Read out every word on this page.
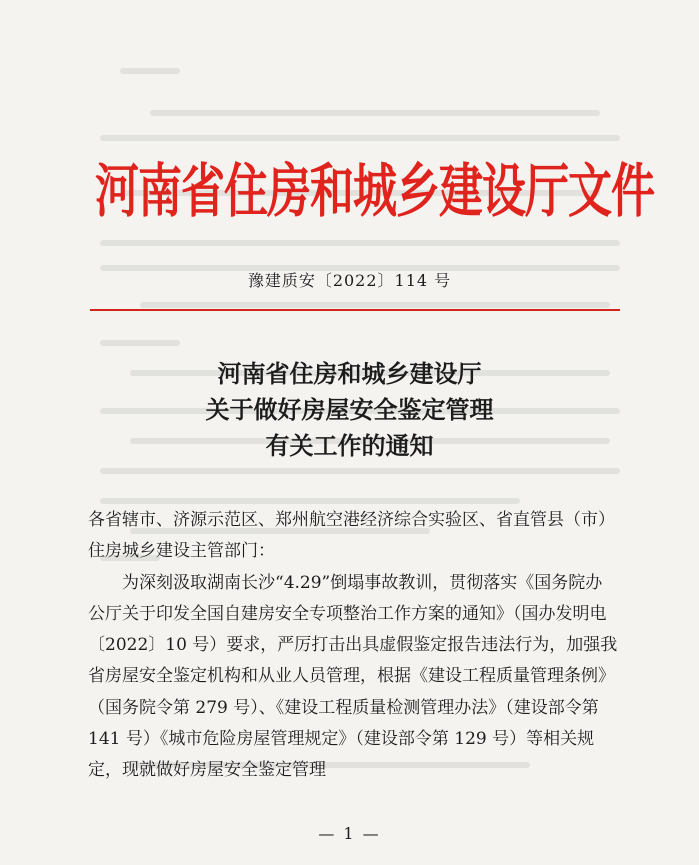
河南省住房和城乡建设厅文件
豫建质安〔2022〕114 号
河南省住房和城乡建设厅
关于做好房屋安全鉴定管理
有关工作的通知

各省辖市、济源示范区、郑州航空港经济综合实验区、省直管县（市）住房城乡建设主管部门：

为深刻汲取湖南长沙“4.29”倒塌事故教训，贯彻落实《国务院办公厅关于印发全国自建房安全专项整治工作方案的通知》（国办发明电〔2022〕10 号）要求，严厉打击出具虚假鉴定报告违法行为，加强我省房屋安全鉴定机构和从业人员管理，根据《建设工程质量管理条例》（国务院令第 279 号）、《建设工程质量检测管理办法》（建设部令第 141 号）《城市危险房屋管理规定》（建设部令第 129 号）等相关规定，现就做好房屋安全鉴定管理

— 1 —
